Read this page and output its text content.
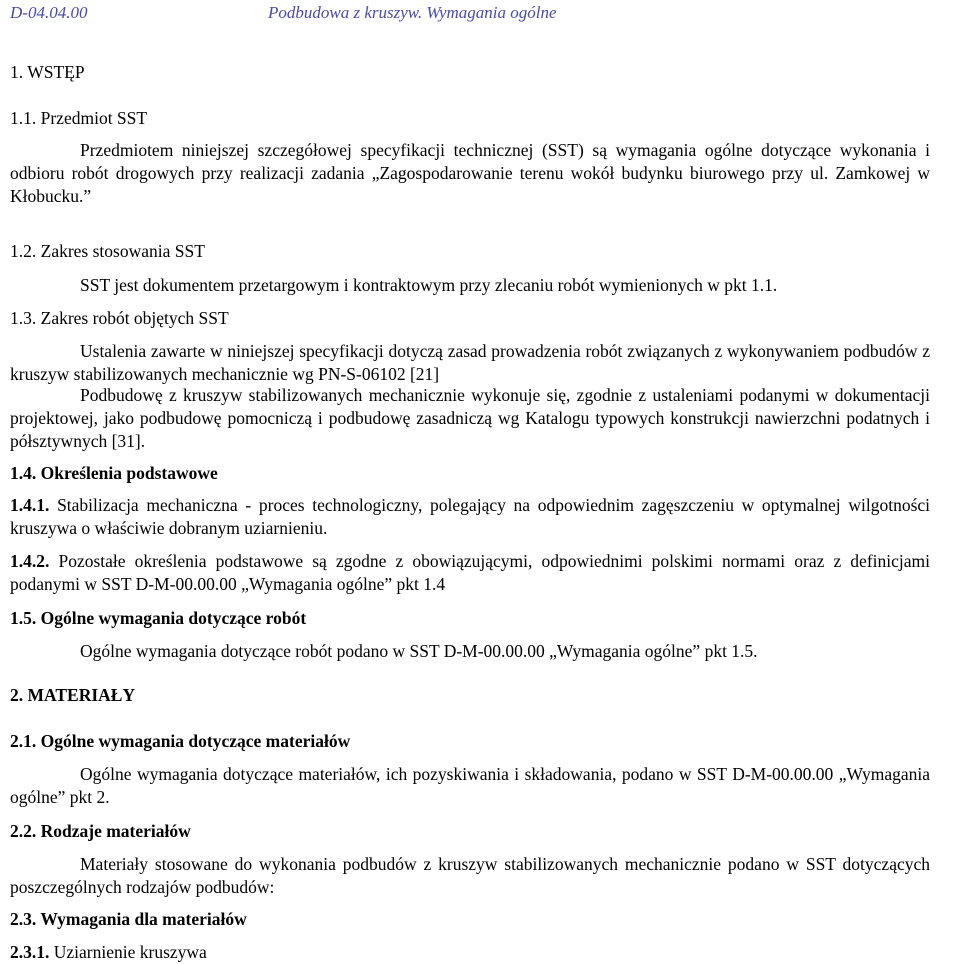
D-04.04.00	Podbudowa z kruszyw. Wymagania ogólne

1. WSTĘP

1.1. Przedmiot SST

Przedmiotem niniejszej szczegółowej specyfikacji technicznej (SST) są wymagania ogólne dotyczące wykonania i odbioru robót drogowych przy realizacji zadania „Zagospodarowanie terenu wokół budynku biurowego przy ul. Zamkowej w Kłobucku.”

1.2. Zakres stosowania SST

SST jest dokumentem przetargowym i kontraktowym przy zlecaniu robót wymienionych w pkt 1.1.

1.3. Zakres robót objętych SST

Ustalenia zawarte w niniejszej specyfikacji dotyczą zasad prowadzenia robót związanych z wykonywaniem podbudów z kruszyw stabilizowanych mechanicznie wg PN-S-06102 [21]

Podbudowę z kruszyw stabilizowanych mechanicznie wykonuje się, zgodnie z ustaleniami podanymi w dokumentacji projektowej, jako podbudowę pomocniczą i podbudowę zasadniczą wg Katalogu typowych konstrukcji nawierzchni podatnych i półsztywnych [31].

1.4. Określenia podstawowe

1.4.1. Stabilizacja mechaniczna - proces technologiczny, polegający na odpowiednim zagęszczeniu w optymalnej wilgotności kruszywa o właściwie dobranym uziarnieniu.

1.4.2. Pozostałe określenia podstawowe są zgodne z obowiązującymi, odpowiednimi polskimi normami oraz z definicjami podanymi w SST D-M-00.00.00 „Wymagania ogólne” pkt 1.4

1.5. Ogólne wymagania dotyczące robót

Ogólne wymagania dotyczące robót podano w SST D-M-00.00.00 „Wymagania ogólne” pkt 1.5.

2. MATERIAŁY

2.1. Ogólne wymagania dotyczące materiałów

Ogólne wymagania dotyczące materiałów, ich pozyskiwania i składowania, podano w SST D-M-00.00.00 „Wymagania ogólne” pkt 2.

2.2. Rodzaje materiałów

Materiały stosowane do wykonania podbudów z kruszyw stabilizowanych mechanicznie podano w SST dotyczących poszczególnych rodzajów podbudów:

2.3. Wymagania dla materiałów

2.3.1. Uziarnienie kruszywa
